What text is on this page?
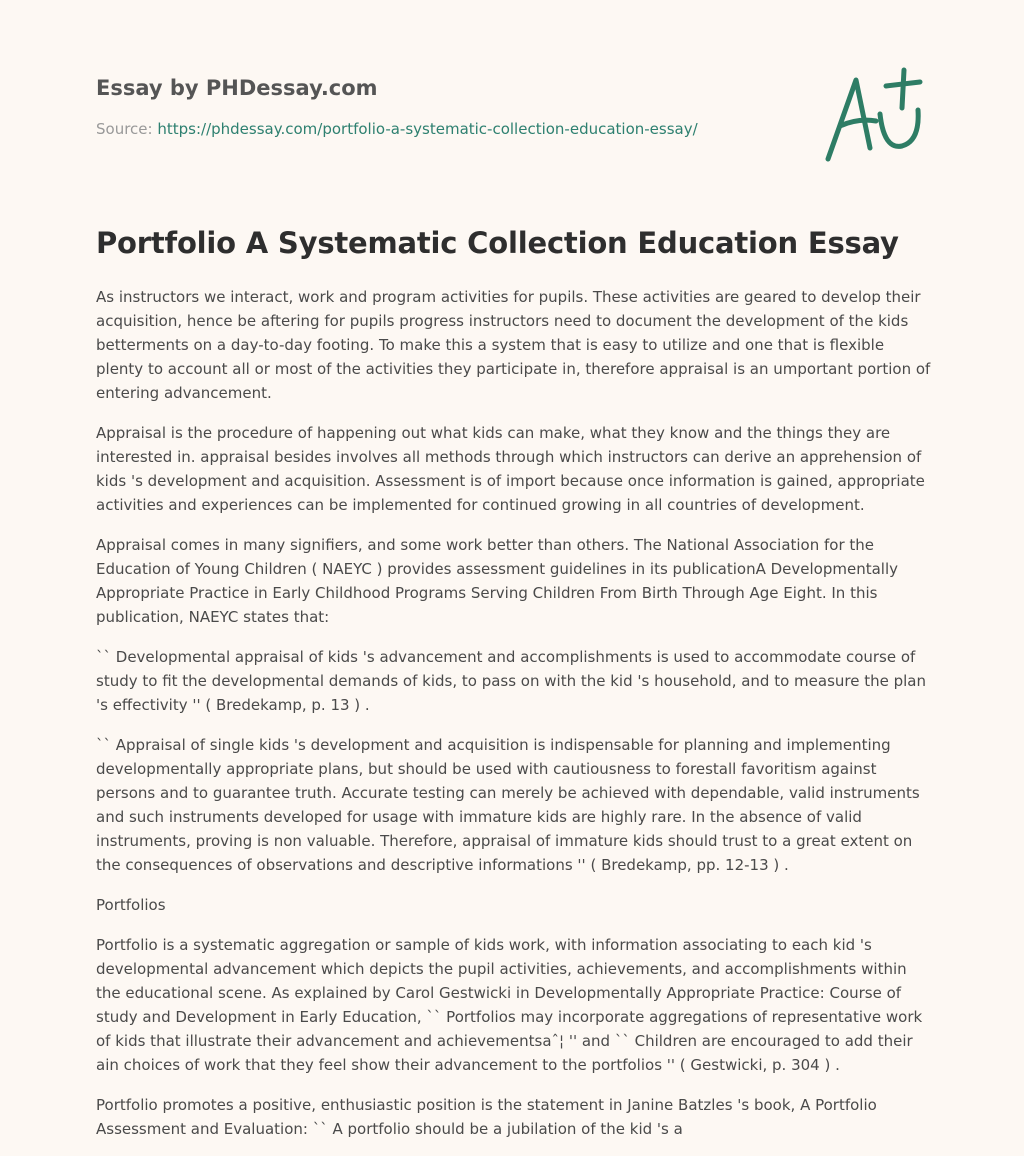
Essay by PHDessay.com
Source: https://phdessay.com/portfolio-a-systematic-collection-education-essay/
Portfolio A Systematic Collection Education Essay

As instructors we interact, work and program activities for pupils. These activities are geared to develop their acquisition, hence be aftering for pupils progress instructors need to document the development of the kids betterments on a day-to-day footing. To make this a system that is easy to utilize and one that is flexible plenty to account all or most of the activities they participate in, therefore appraisal is an umportant portion of entering advancement.

Appraisal is the procedure of happening out what kids can make, what they know and the things they are interested in. appraisal besides involves all methods through which instructors can derive an apprehension of kids 's development and acquisition. Assessment is of import because once information is gained, appropriate activities and experiences can be implemented for continued growing in all countries of development.

Appraisal comes in many signifiers, and some work better than others. The National Association for the Education of Young Children ( NAEYC ) provides assessment guidelines in its publicationA Developmentally Appropriate Practice in Early Childhood Programs Serving Children From Birth Through Age Eight. In this publication, NAEYC states that:

`` Developmental appraisal of kids 's advancement and accomplishments is used to accommodate course of study to fit the developmental demands of kids, to pass on with the kid 's household, and to measure the plan 's effectivity '' ( Bredekamp, p. 13 ) .

`` Appraisal of single kids 's development and acquisition is indispensable for planning and implementing developmentally appropriate plans, but should be used with cautiousness to forestall favoritism against persons and to guarantee truth. Accurate testing can merely be achieved with dependable, valid instruments and such instruments developed for usage with immature kids are highly rare. In the absence of valid instruments, proving is non valuable. Therefore, appraisal of immature kids should trust to a great extent on the consequences of observations and descriptive informations '' ( Bredekamp, pp. 12-13 ) .

Portfolios

Portfolio is a systematic aggregation or sample of kids work, with information associating to each kid 's developmental advancement which depicts the pupil activities, achievements, and accomplishments within the educational scene. As explained by Carol Gestwicki in Developmentally Appropriate Practice: Course of study and Development in Early Education, `` Portfolios may incorporate aggregations of representative work of kids that illustrate their advancement and achievementsaˆ¦ '' and `` Children are encouraged to add their ain choices of work that they feel show their advancement to the portfolios '' ( Gestwicki, p. 304 ) .

Portfolio promotes a positive, enthusiastic position is the statement in Janine Batzles 's book, A Portfolio Assessment and Evaluation: `` A portfolio should be a jubilation of the kid 's a
